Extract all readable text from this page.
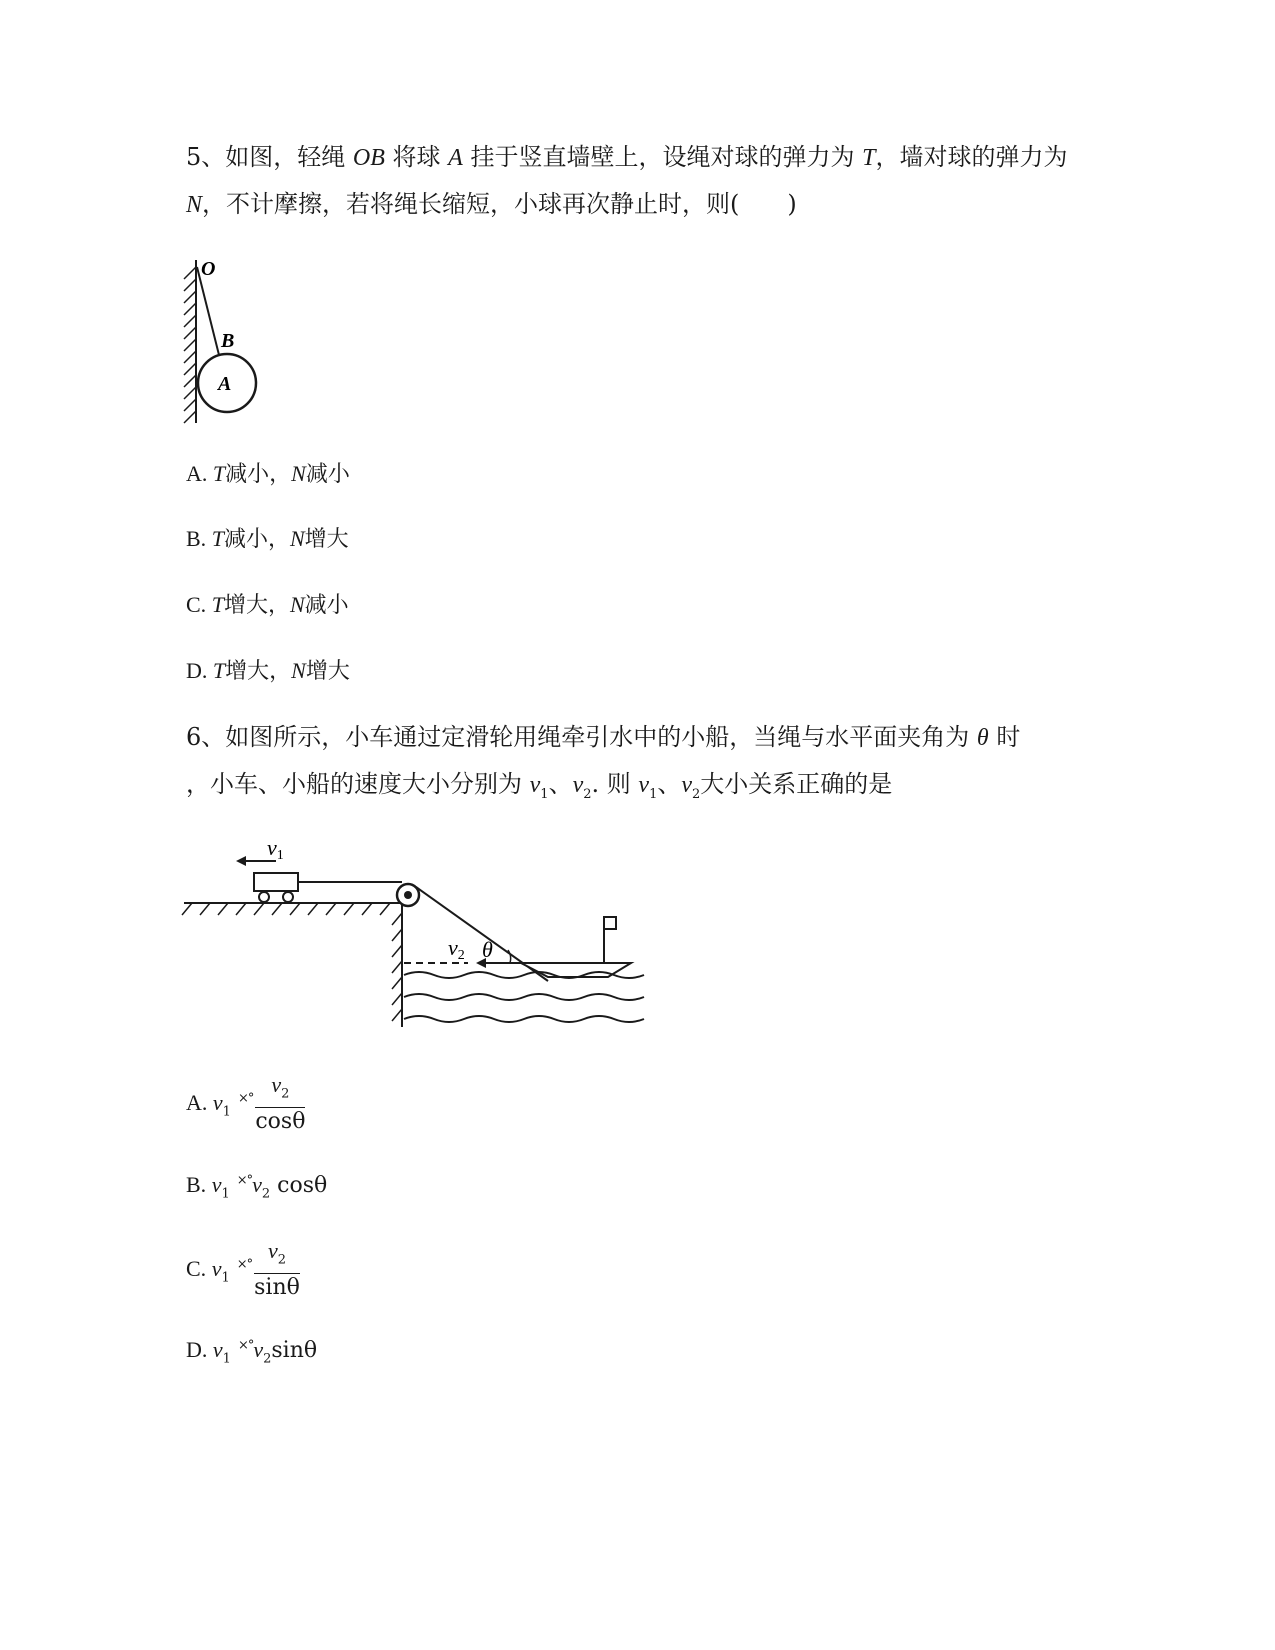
5、如图，轻绳 OB 将球 A 挂于竖直墙壁上，设绳对球的弹力为 T，墙对球的弹力为
N，不计摩擦，若将绳长缩短，小球再次静止时，则(　　)
O
B
A
A. T减小，N减小
B. T减小，N增大
C. T增大，N减小
D. T增大，N增大
6、如图所示，小车通过定滑轮用绳牵引水中的小船，当绳与水平面夹角为 θ 时
，小车、小船的速度大小分别为 $v_1$、$v_2$. 则 $v_1$、$v_2$大小关系正确的是
v1
v2 θ
A. $v_1$ $^{\times^\circ} \frac{v_2}{\cos\theta}$
B. $v_1$ $^{\times^\circ}v_2$ cosθ
C. $v_1$ $^{\times^\circ} \frac{v_2}{\sin\theta}$
D. $v_1$ $^{\times^\circ}v_2\sin\theta$
